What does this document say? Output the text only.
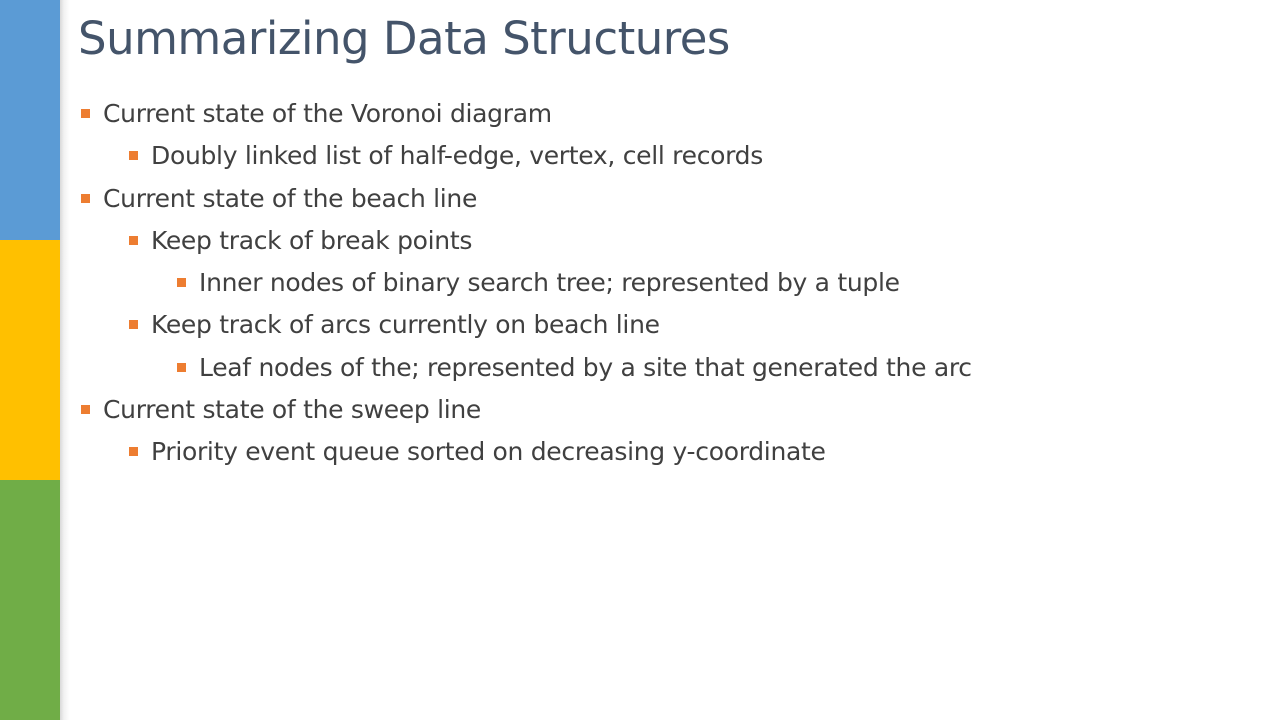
Summarizing Data Structures
Current state of the Voronoi diagram
Doubly linked list of half-edge, vertex, cell records
Current state of the beach line
Keep track of break points
Inner nodes of binary search tree; represented by a tuple
Keep track of arcs currently on beach line
Leaf nodes of the; represented by a site that generated the arc
Current state of the sweep line
Priority event queue sorted on decreasing y-coordinate
